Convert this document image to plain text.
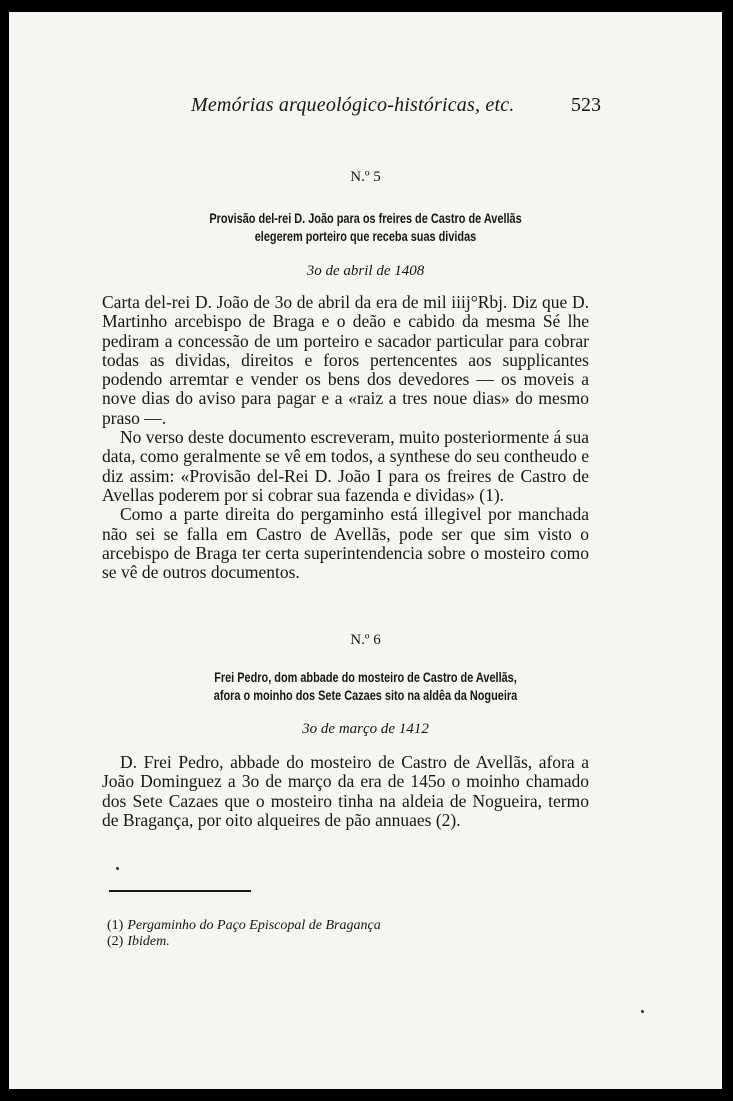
Memórias arqueológico-históricas, etc.	523
N.º 5
Provisão del-rei D. João para os freires de Castro de Avellãs
elegerem porteiro que receba suas dividas
3o de abril de 1408

Carta del-rei D. João de 3o de abril da era de mil iiij°Rbj. Diz que D. Martinho arcebispo de Braga e o deão e cabido da mesma Sé lhe pediram a concessão de um porteiro e sacador particular para cobrar todas as dividas, direitos e foros pertencentes aos supplicantes podendo arremtar e vender os bens dos devedores — os moveis a nove dias do aviso para pagar e a «raiz a tres noue dias» do mesmo praso —.

No verso deste documento escreveram, muito posteriormente á sua data, como geralmente se vê em todos, a synthese do seu contheudo e diz assim: «Provisão del-Rei D. João I para os freires de Castro de Avellas poderem por si cobrar sua fazenda e dividas» (1).

Como a parte direita do pergaminho está illegivel por manchada não sei se falla em Castro de Avellãs, pode ser que sim visto o arcebispo de Braga ter certa superintendencia sobre o mosteiro como se vê de outros documentos.

N.º 6
Frei Pedro, dom abbade do mosteiro de Castro de Avellãs,
afora o moinho dos Sete Cazaes sito na aldêa da Nogueira
3o de março de 1412

D. Frei Pedro, abbade do mosteiro de Castro de Avellãs, afora a João Dominguez a 3o de março da era de 145o o moinho chamado dos Sete Cazaes que o mosteiro tinha na aldeia de Nogueira, termo de Bragança, por oito alqueires de pão annuaes (2).

(1) Pergaminho do Paço Episcopal de Bragança
(2) Ibidem.
